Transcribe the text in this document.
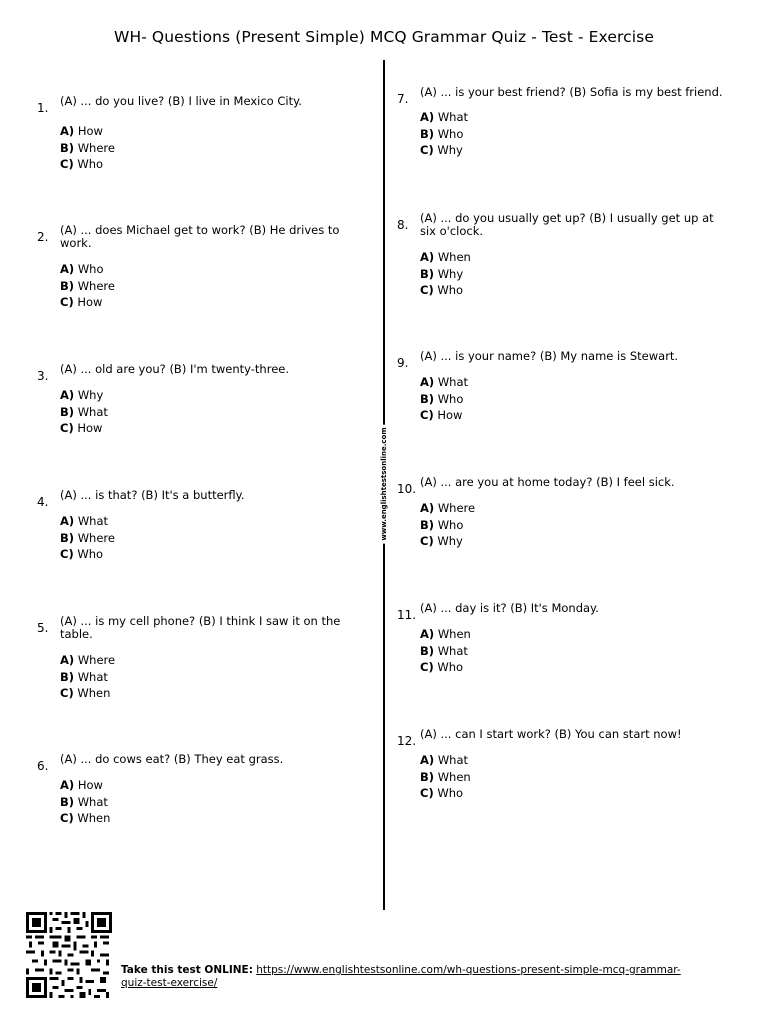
WH- Questions (Present Simple) MCQ Grammar Quiz - Test - Exercise
www.englishtestsonline.com
1. (A) ... do you live? (B) I live in Mexico City.
A) How
B) Where
C) Who
2. (A) ... does Michael get to work? (B) He drives to work.
A) Who
B) Where
C) How
3. (A) ... old are you? (B) I'm twenty-three.
A) Why
B) What
C) How
4. (A) ... is that? (B) It's a butterfly.
A) What
B) Where
C) Who
5. (A) ... is my cell phone? (B) I think I saw it on the table.
A) Where
B) What
C) When
6. (A) ... do cows eat? (B) They eat grass.
A) How
B) What
C) When
7. (A) ... is your best friend? (B) Sofia is my best friend.
A) What
B) Who
C) Why
8. (A) ... do you usually get up? (B) I usually get up at six o'clock.
A) When
B) Why
C) Who
9. (A) ... is your name? (B) My name is Stewart.
A) What
B) Who
C) How
10. (A) ... are you at home today? (B) I feel sick.
A) Where
B) Who
C) Why
11. (A) ... day is it? (B) It's Monday.
A) When
B) What
C) Who
12. (A) ... can I start work? (B) You can start now!
A) What
B) When
C) Who
Take this test ONLINE: https://www.englishtestsonline.com/wh-questions-present-simple-mcq-grammar-quiz-test-exercise/
